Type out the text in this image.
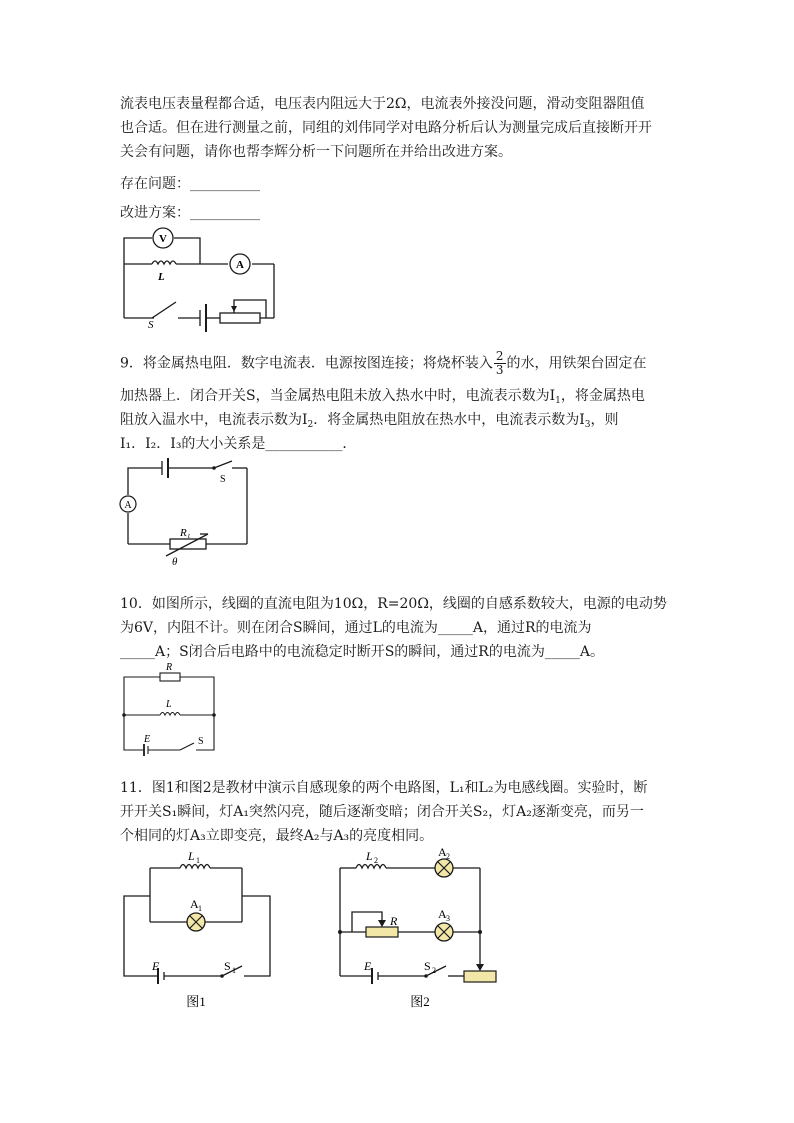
流表电压表量程都合适，电压表内阻远大于2Ω，电流表外接没问题，滑动变阻器阻值
也合适。但在进行测量之前，同组的刘伟同学对电路分析后认为测量完成后直接断开开
关会有问题，请你也帮李辉分析一下问题所在并给出改进方案。
存在问题：__________
改进方案：__________
V
A
L
S
9．将金属热电阻．数字电流表．电源按图连接；将烧杯装入 $\frac{2}{3}$ 的水，用铁架台固定在
加热器上．闭合开关S，当金属热电阻未放入热水中时，电流表示数为$I_1$，将金属热电
阻放入温水中，电流表示数为$I_2$．将金属热电阻放在热水中，电流表示数为$I_3$，则
I₁．I₂．I₃的大小关系是___________．
A
S
R t
θ
10．如图所示，线圈的直流电阻为10Ω，R=20Ω，线圈的自感系数较大，电源的电动势
为6V，内阻不计。则在闭合S瞬间，通过L的电流为_____A，通过R的电流为
_____A；S闭合后电路中的电流稳定时断开S的瞬间，通过R的电流为_____A。
R
L
E	S
11．图1和图2是教材中演示自感现象的两个电路图，L₁和L₂为电感线圈。实验时，断
开开关S₁瞬间，灯A₁突然闪亮，随后逐渐变暗；闭合开关S₂，灯A₂逐渐变亮，而另一
个相同的灯A₃立即变亮，最终A₂与A₃的亮度相同。
L 1
A 1
E	S 1
图1
L 2
A 2
A 3
R
E	S 2
图2
